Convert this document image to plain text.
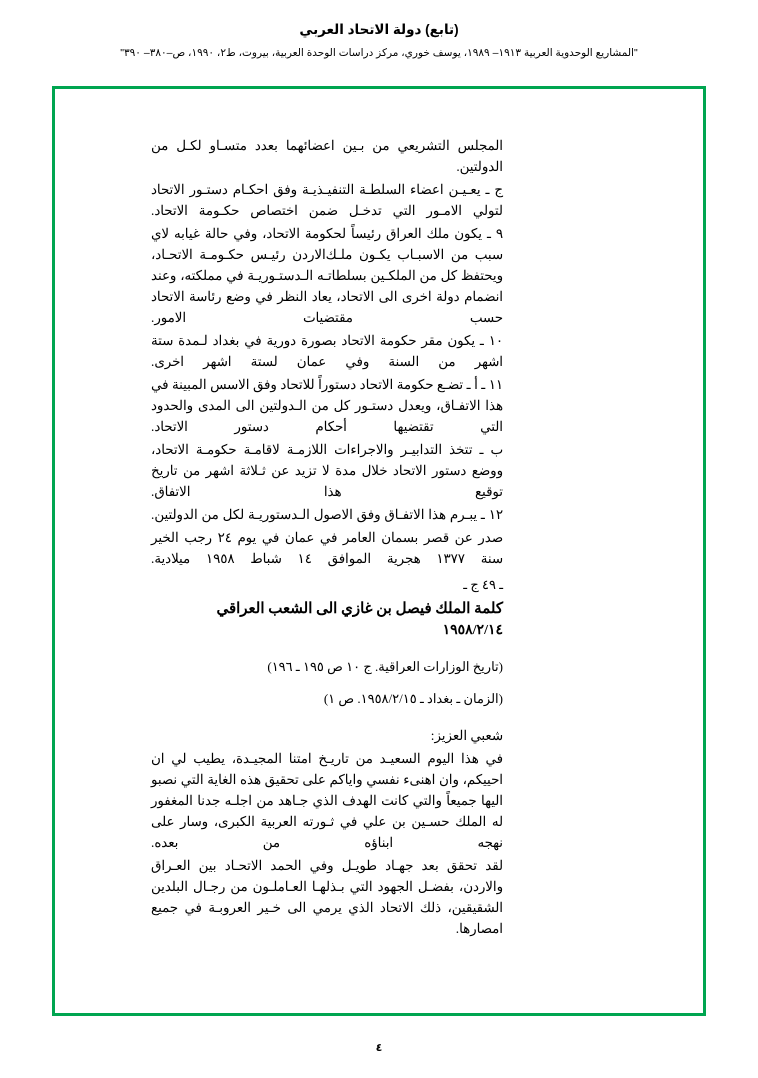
(تابع) دولة الاتحاد العربي
"المشاريع الوحدوية العربية ١٩١٣– ١٩٨٩، يوسف خوري، مركز دراسات الوحدة العربية، بيروت، ط٢، ١٩٩٠، ص–٣٨٠– ٣٩٠"

المجلس التشريعي من بـين اعضائهما بعدد متسـاو لكـل من الدولتين.

ج ـ يعـيـن اعضاء السلطـة التنفيـذيـة وفق احكـام دستـور الاتحاد لتولي الامـور التي تدخـل ضمن اختصاص حكـومة الاتحاد.

٩ ـ يكون ملك العراق رئيساً لحكومة الاتحاد، وفي حالة غيابه لاي سبب من الاسبـاب يكـون ملـك‌الاردن رئيـس حكـومـة الاتحـاد، ويحتفظ كل من الملكـين بسلطاتـه الـدستـوريـة في مملكته، وعند انضمام دولة اخرى الى الاتحاد، يعاد النظر في وضع رئاسة الاتحاد حسب مقتضيات الامور.

١٠ ـ يكون مقر حكومة الاتحاد بصورة دورية في بغداد لـمدة ستة اشهر من السنة وفي عمان لستة اشهر اخرى.

١١ ـ أ ـ تضـع حكومة الاتحاد دستوراً للاتحاد وفق الاسس المبينة في هذا الاتفـاق، ويعدل دستـور كل من الـدولتين الى المدى والحدود التي تقتضيها أحكام دستور الاتحاد.

ب ـ تتخذ التدابيـر والاجراءات اللازمـة لاقامـة حكومـة الاتحاد، ووضع دستور الاتحاد خلال مدة لا تزيد عن ثـلاثة اشهر من تاريخ توقيع هذا الاتفاق.

١٢ ـ يبـرم هذا الاتفـاق وفق الاصول الـدستوريـة لكل من الدولتين.

صدر عن قصر بسمان العامر في عمان في يوم ٢٤ رجب الخير سنة ١٣٧٧ هجرية الموافق ١٤ شباط ١٩٥٨ ميلادية.

ـ ٤٩ ج ـ
كلمة الملك فيصل بن غازي الى الشعب العراقي
١٩٥٨/٢/١٤
(تاريخ الوزارات العراقية. ج ١٠ ص ١٩٥ ـ ١٩٦)
(الزمان ـ بغداد ـ ١٩٥٨/٢/١٥. ص ١)

شعبي العزيز:

في هذا اليوم السعيـد من تاريـخ امتنا المجيـدة، يطيب لي ان احييكم، وان اهنىء نفسي واياكم على تحقيق هذه الغاية التي نصبو اليها جميعاً والتي كانت الهدف الذي جـاهد من اجلـه جدنا المغفور له الملك حسـين بن علي في ثـورته العربية الكبرى، وسار على نهجه ابناؤه من بعده.

لقد تحقق بعد جهـاد طويـل وفي الحمد الاتحـاد بين العـراق والاردن، بفضـل الجهود التي بـذلهـا العـاملـون من رجـال البلدين الشقيقين، ذلك الاتحاد الذي يرمي الى خـير العروبـة في جميع امصارها.

٤
